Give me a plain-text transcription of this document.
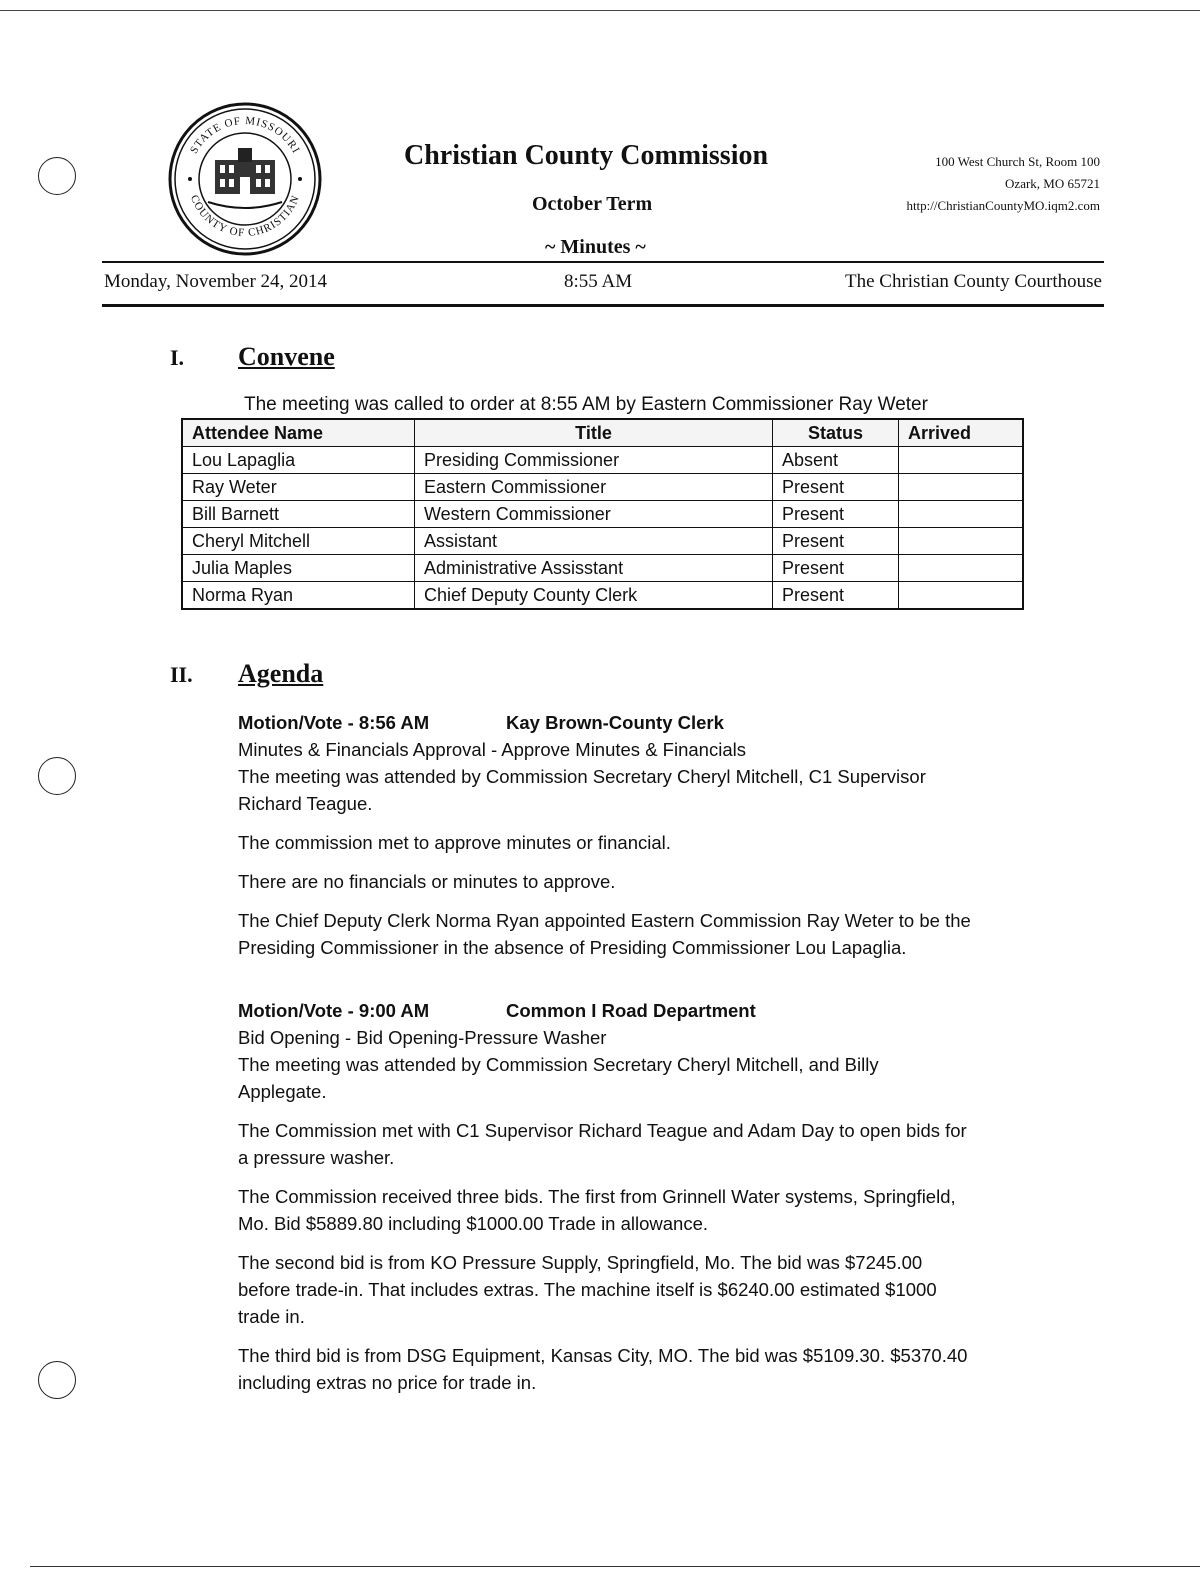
STATE OF MISSOURI
COUNTY OF CHRISTIAN
Christian County Commission
October Term
~ Minutes ~
100 West Church St, Room 100
Ozark, MO 65721
http://ChristianCountyMO.iqm2.com
Monday, November 24, 2014	8:55 AM	The Christian County Courthouse
I. Convene
The meeting was called to order at 8:55 AM by Eastern Commissioner Ray Weter
Attendee Name	Title	Status	Arrived
Lou Lapaglia	Presiding Commissioner	Absent	
Ray Weter	Eastern Commissioner	Present	
Bill Barnett	Western Commissioner	Present	
Cheryl Mitchell	Assistant	Present	
Julia Maples	Administrative Assisstant	Present	
Norma Ryan	Chief Deputy County Clerk	Present	
II. Agenda
Motion/Vote - 8:56 AM	Kay Brown-County Clerk
Minutes & Financials Approval - Approve Minutes & Financials
The meeting was attended by Commission Secretary Cheryl Mitchell, C1 Supervisor
Richard Teague.
The commission met to approve minutes or financial.
There are no financials or minutes to approve.
The Chief Deputy Clerk Norma Ryan appointed Eastern Commission Ray Weter to be the
Presiding Commissioner in the absence of Presiding Commissioner Lou Lapaglia.
Motion/Vote - 9:00 AM	Common I Road Department
Bid Opening - Bid Opening-Pressure Washer
The meeting was attended by Commission Secretary Cheryl Mitchell, and Billy
Applegate.
The Commission met with C1 Supervisor Richard Teague and Adam Day to open bids for
a pressure washer.
The Commission received three bids. The first from Grinnell Water systems, Springfield,
Mo. Bid $5889.80 including $1000.00 Trade in allowance.
The second bid is from KO Pressure Supply, Springfield, Mo. The bid was $7245.00
before trade-in. That includes extras. The machine itself is $6240.00 estimated $1000
trade in.
The third bid is from DSG Equipment, Kansas City, MO. The bid was $5109.30. $5370.40
including extras no price for trade in.
